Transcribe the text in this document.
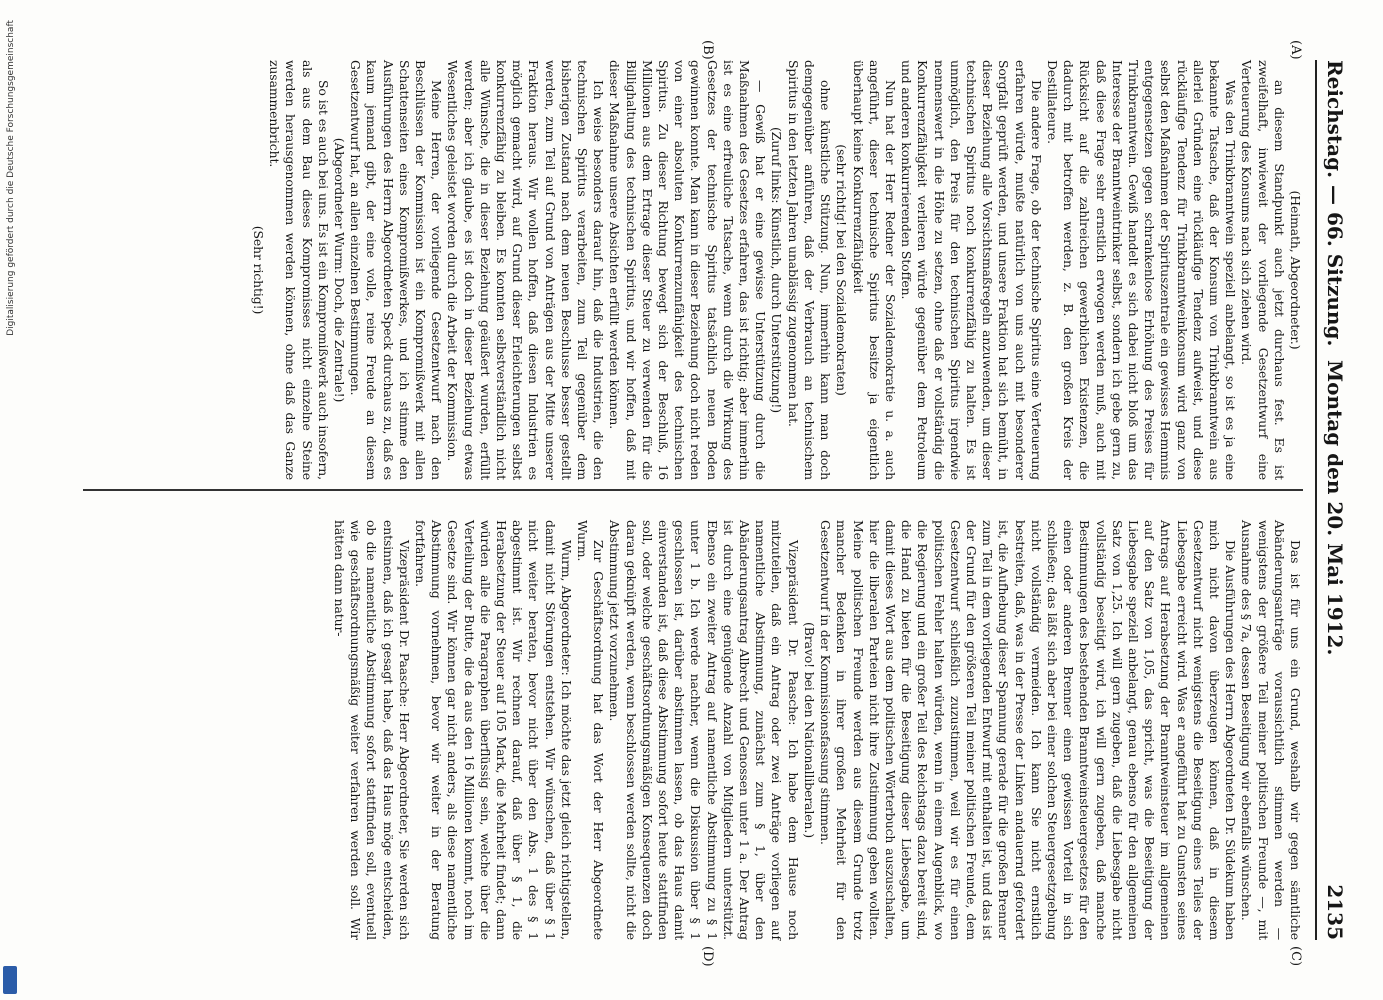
Reichstag. — 66. Sitzung.
Montag den 20. Mai 1912.
2135
(A)
(B)
(C)
(D)

(Heimath, Abgeordneter.)

an diesem Standpunkt auch jetzt durchaus fest. Es ist zweifelhaft, inwieweit der vorliegende Gesetzentwurf eine Verteuerung des Konsums nach sich ziehen wird.

Was den Trinkbranntwein speziell anbelangt, so ist es ja eine bekannte Tatsache, daß der Konsum von Trinkbranntwein aus allerlei Gründen eine rückläufige Tendenz aufweist, und diese rückläufige Tendenz für Trinkbranntweinkonsum wird ganz von selbst den Maßnahmen der Spirituszentrale ein gewisses Hemmnis entgegensetzen gegen schrankenlose Erhöhung des Preises für Trinkbranntwein. Gewiß handelt es sich dabei nicht bloß um das Interesse der Branntweintrinker selbst, sondern ich gebe gern zu, daß diese Frage sehr ernstlich erwogen werden muß, auch mit Rücksicht auf die zahlreichen gewerblichen Existenzen, die dadurch mit betroffen werden, z. B. den großen Kreis der Destillateure.

Die andere Frage, ob der technische Spiritus eine Verteuerung erfahren würde, mußte natürlich von uns auch mit besonderer Sorgfalt geprüft werden, und unsere Fraktion hat sich bemüht, in dieser Beziehung alle Vorsichtsmaßregeln anzuwenden, um dieser technischen Spiritus noch konkurrenzfähig zu halten. Es ist unmöglich, den Preis für den technischen Spiritus irgendwie nennenswert in die Höhe zu setzen, ohne daß er vollständig die Konkurrenzfähigkeit verlieren würde gegenüber dem Petroleum und anderen konkurrierenden Stoffen.

Nun hat der Herr Redner der Sozialdemokratie u. a. auch angeführt, dieser technische Spiritus besitze ja eigentlich überhaupt keine Konkurrenzfähigkeit

(sehr richtig! bei den Sozialdemokraten)

ohne künstliche Stützung. Nun, immerhin kann man doch demgegenüber anführen, daß der Verbrauch an technischem Spiritus in den letzten Jahren unablässig zugenommen hat.

(Zuruf links: Künstlich, durch Unterstützung!)

— Gewiß hat er eine gewisse Unterstützung durch die Maßnahmen des Gesetzes erfahren, das ist richtig; aber immerhin ist es eine erfreuliche Tatsache, wenn durch die Wirkung des Gesetzes der technische Spiritus tatsächlich neuen Boden gewinnen konnte. Man kann in dieser Beziehung doch nicht reden von einer absoluten Konkurrenzunfähigkeit des technischen Spiritus. Zu dieser Richtung bewegt sich der Beschluß, 16 Millionen aus dem Ertrage dieser Steuer zu verwenden für die Billighaltung des technischen Spiritus, und wir hoffen, daß mit dieser Maßnahme unsere Absichten erfüllt werden können.

Ich weise besonders darauf hin, daß die Industrien, die den technischen Spiritus verarbeiten, zum Teil gegenüber dem bisherigen Zustand nach dem neuen Beschlusse besser gestellt werden, zum Teil auf Grund von Anträgen aus der Mitte unserer Fraktion heraus. Wir wollen hoffen, daß diesen Industrien es möglich gemacht wird, auf Grund dieser Erleichterungen selbst konkurrenzfähig zu bleiben. Es konnten selbstverständlich nicht alle Wünsche, die in dieser Beziehung geäußert wurden, erfüllt werden; aber ich glaube, es ist doch in dieser Beziehung etwas Wesentliches geleistet worden durch die Arbeit der Kommission.

Meine Herren, der vorliegende Gesetzentwurf nach den Beschlüssen der Kommission ist ein Kompromißwerk mit allen Schattenseiten eines Kompromißwerkes, und ich stimme den Ausführungen des Herrn Abgeordneten Speck durchaus zu, daß es kaum jemand gibt, der eine volle, reine Freude an diesem Gesetzentwurf hat, an allen einzelnen Bestimmungen.

(Abgeordneter Wurm: Doch, die Zentrale!)

So ist es auch bei uns. Es ist ein Kompromißwerk auch insofern, als aus dem Bau dieses Kompromisses nicht einzelne Steine werden herausgenommen werden können, ohne daß das Ganze zusammenbricht.

(Sehr richtig!)

Das ist für uns ein Grund, weshalb wir gegen sämtliche Abänderungsanträge voraussichtlich stimmen werden — wenigstens der größere Teil meiner politischen Freunde —, mit Ausnahme des § 7a, dessen Beseitigung wir ebenfalls wünschen.

Die Ausführungen des Herrn Abgeordneten Dr. Südekum haben mich nicht davon überzeugen können, daß in diesem Gesetzentwurf nicht wenigstens die Beseitigung eines Teiles der Liebesgabe erreicht wird. Was er angeführt hat zu Gunsten seines Antrags auf Herabsetzung der Branntweinsteuer im allgemeinen auf den Satz von 1,05, das spricht, was die Beseitigung der Liebesgabe speziell anbelangt, genau ebenso für den allgemeinen Satz von 1,25. Ich will gern zugeben, daß die Liebesgabe nicht vollständig beseitigt wird, ich will gern zugeben, daß manche Bestimmungen des bestehenden Branntweinsteuergesetzes für den einen oder anderen Brenner einen gewissen Vorteil in sich schließen; das läßt sich aber bei einer solchen Steuergesetzgebung nicht vollständig vermeiden. Ich kann Sie nicht ernstlich bestreiten, daß, was in der Presse der Linken andauernd gefordert ist, die Aufhebung dieser Spannung gerade für die großen Brenner zum Teil in dem vorliegenden Entwurf mit enthalten ist, und das ist der Grund für den größeren Teil meiner politischen Freunde, dem Gesetzentwurf schließlich zuzustimmen, weil wir es für einen politischen Fehler halten würden, wenn in einem Augenblick, wo die Regierung und ein großer Teil des Reichstags dazu bereit sind, die Hand zu bieten für die Beseitigung dieser Liebesgabe, um damit dieses Wort aus dem politischen Wörterbuch auszuschalten, hier die liberalen Parteien nicht ihre Zustimmung geben wollten. Meine politischen Freunde werden aus diesem Grunde trotz mancher Bedenken in ihrer großen Mehrheit für den Gesetzentwurf in der Kommissionsfassung stimmen.

(Bravo! bei den Nationalliberalen.)

Vizepräsident Dr. Paasche: Ich habe dem Hause noch mitzuteilen, daß ein Antrag oder zwei Anträge vorliegen auf namentliche Abstimmung, zunächst zum § 1, über den Abänderungsantrag Albrecht und Genossen unter 1 a. Der Antrag ist durch eine genügende Anzahl von Mitgliedern unterstützt. Ebenso ein zweiter Antrag auf namentliche Abstimmung zu § 1 unter 1 b. Ich werde nachher, wenn die Diskussion über § 1 geschlossen ist, darüber abstimmen lassen, ob das Haus damit einverstanden ist, daß diese Abstimmung sofort heute stattfinden soll, oder welche geschäftsordnungsmäßigen Konsequenzen doch daran geknüpft werden, wenn beschlossen werden sollte, nicht die Abstimmung jetzt vorzunehmen.

Zur Geschäftsordnung hat das Wort der Herr Abgeordnete Wurm.

Wurm, Abgeordneter: Ich möchte das jetzt gleich richtigstellen, damit nicht Störungen entstehen. Wir wünschen, daß über § 1 nicht weiter beraten, bevor nicht über den Abs. 1 des § 1 abgestimmt ist. Wir rechnen darauf, daß über § 1, die Herabsetzung der Steuer auf 105 Mark, die Mehrheit findet; dann würden alle die Paragraphen überflüssig sein, welche über die Verteilung der Butte, die da aus den 16 Millionen kommt, noch im Gesetze sind. Wir können gar nicht anders, als diese namentliche Abstimmung vornehmen, bevor wir weiter in der Beratung fortfahren.

Vizepräsident Dr. Paasche: Herr Abgeordneter, Sie werden sich entsinnen, daß ich gesagt habe, daß das Haus möge entscheiden, ob die namentliche Abstimmung sofort stattfinden soll, eventuell wie geschäftsordnungsmäßig weiter verfahren werden soll. Wir hätten dann natur-

Digitalisierung gefördert durch die Deutsche Forschungsgemeinschaft
